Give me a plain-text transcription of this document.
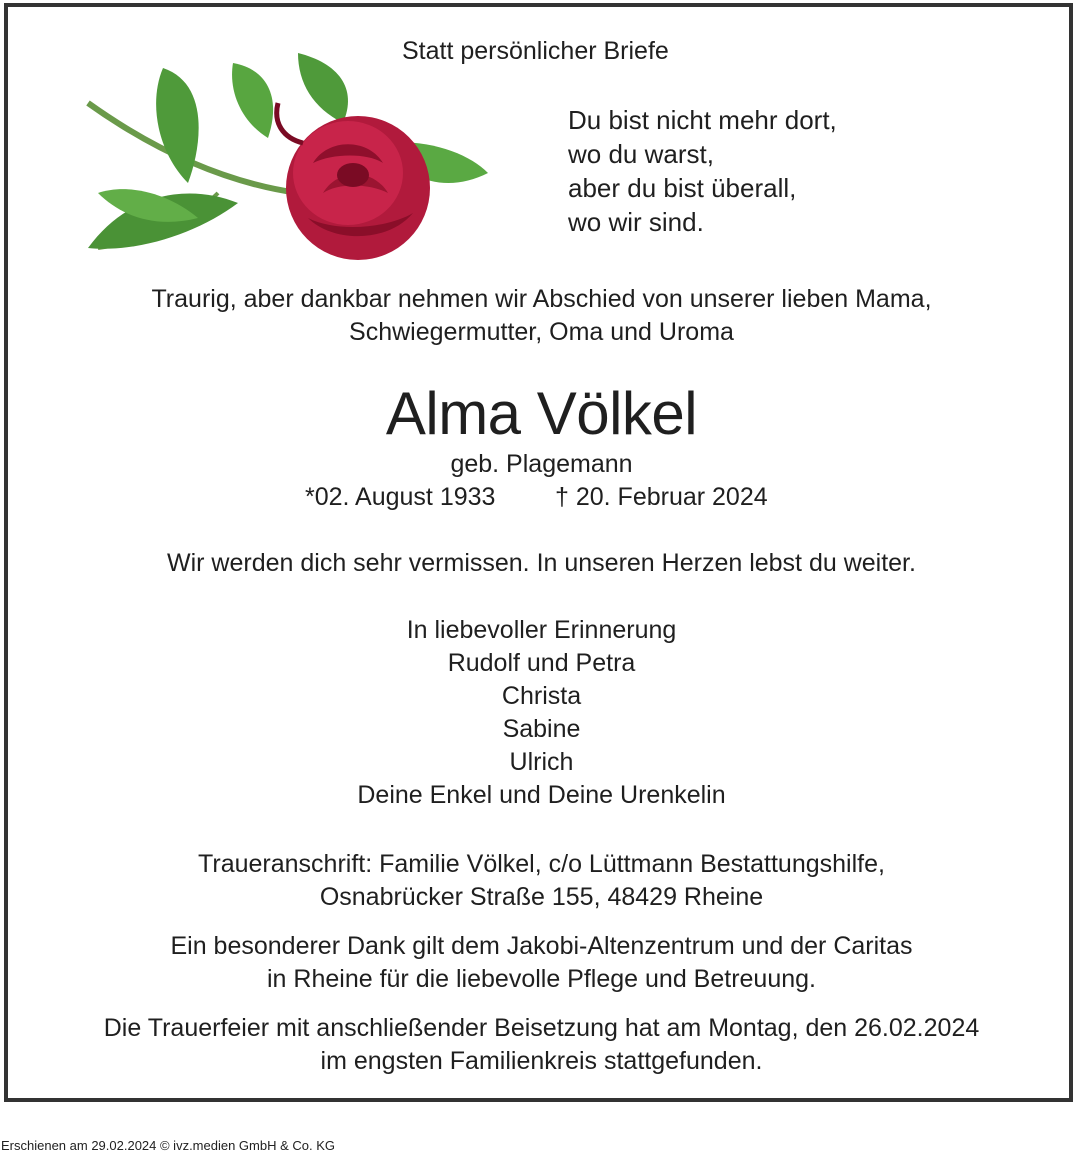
Statt persönlicher Briefe
Du bist nicht mehr dort,
wo du warst,
aber du bist überall,
wo wir sind.
Traurig, aber dankbar nehmen wir Abschied von unserer lieben Mama,
Schwiegermutter, Oma und Uroma
Alma Völkel
geb. Plagemann
*02. August 1933 † 20. Februar 2024
Wir werden dich sehr vermissen. In unseren Herzen lebst du weiter.
In liebevoller Erinnerung
Rudolf und Petra
Christa
Sabine
Ulrich
Deine Enkel und Deine Urenkelin
Traueranschrift: Familie Völkel, c/o Lüttmann Bestattungshilfe,
Osnabrücker Straße 155, 48429 Rheine
Ein besonderer Dank gilt dem Jakobi-Altenzentrum und der Caritas
in Rheine für die liebevolle Pflege und Betreuung.
Die Trauerfeier mit anschließender Beisetzung hat am Montag, den 26.02.2024
im engsten Familienkreis stattgefunden.
Erschienen am 29.02.2024 © ivz.medien GmbH & Co. KG
